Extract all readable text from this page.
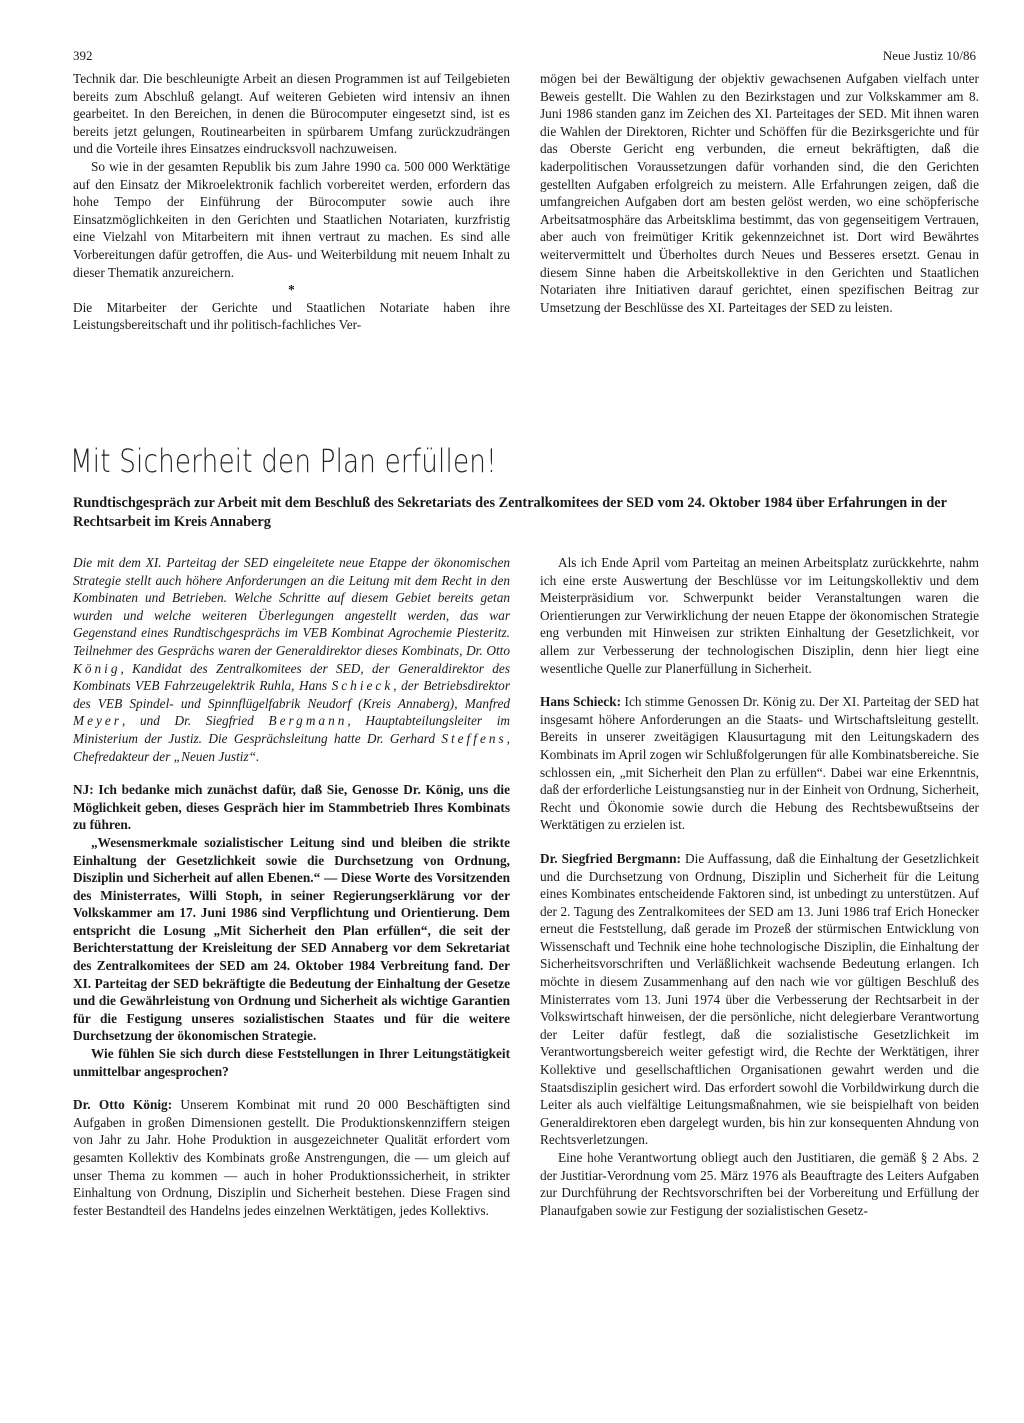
392	Neue Justiz 10/86

Technik dar. Die beschleunigte Arbeit an diesen Programmen ist auf Teilgebieten bereits zum Abschluß gelangt. Auf weiteren Gebieten wird intensiv an ihnen gearbeitet. In den Bereichen, in denen die Bürocomputer eingesetzt sind, ist es bereits jetzt gelungen, Routinearbeiten in spürbarem Umfang zurückzudrängen und die Vorteile ihres Einsatzes eindrucksvoll nachzuweisen.

So wie in der gesamten Republik bis zum Jahre 1990 ca. 500 000 Werktätige auf den Einsatz der Mikroelektronik fachlich vorbereitet werden, erfordern das hohe Tempo der Einführung der Bürocomputer sowie auch ihre Einsatzmöglichkeiten in den Gerichten und Staatlichen Notariaten, kurzfristig eine Vielzahl von Mitarbeitern mit ihnen vertraut zu machen. Es sind alle Vorbereitungen dafür getroffen, die Aus- und Weiterbildung mit neuem Inhalt zu dieser Thematik anzureichern.

*

Die Mitarbeiter der Gerichte und Staatlichen Notariate haben ihre Leistungsbereitschaft und ihr politisch-fachliches Ver-

mögen bei der Bewältigung der objektiv gewachsenen Aufgaben vielfach unter Beweis gestellt. Die Wahlen zu den Bezirkstagen und zur Volkskammer am 8. Juni 1986 standen ganz im Zeichen des XI. Parteitages der SED. Mit ihnen waren die Wahlen der Direktoren, Richter und Schöffen für die Bezirksgerichte und für das Oberste Gericht eng verbunden, die erneut bekräftigten, daß die kaderpolitischen Voraussetzungen dafür vorhanden sind, die den Gerichten gestellten Aufgaben erfolgreich zu meistern. Alle Erfahrungen zeigen, daß die umfangreichen Aufgaben dort am besten gelöst werden, wo eine schöpferische Arbeitsatmosphäre das Arbeitsklima bestimmt, das von gegenseitigem Vertrauen, aber auch von freimütiger Kritik gekennzeichnet ist. Dort wird Bewährtes weitervermittelt und Überholtes durch Neues und Besseres ersetzt. Genau in diesem Sinne haben die Arbeitskollektive in den Gerichten und Staatlichen Notariaten ihre Initiativen darauf gerichtet, einen spezifischen Beitrag zur Umsetzung der Beschlüsse des XI. Parteitages der SED zu leisten.

Mit Sicherheit den Plan erfüllen!
Rundtischgespräch zur Arbeit mit dem Beschluß des Sekretariats des Zentralkomitees der SED vom 24. Oktober 1984 über Erfahrungen in der Rechtsarbeit im Kreis Annaberg

Die mit dem XI. Parteitag der SED eingeleitete neue Etappe der ökonomischen Strategie stellt auch höhere Anforderungen an die Leitung mit dem Recht in den Kombinaten und Betrieben. Welche Schritte auf diesem Gebiet bereits getan wurden und welche weiteren Überlegungen angestellt werden, das war Gegenstand eines Rundtischgesprächs im VEB Kombinat Agrochemie Piesteritz. Teilnehmer des Gesprächs waren der Generaldirektor dieses Kombinats, Dr. Otto König, Kandidat des Zentralkomitees der SED, der Generaldirektor des Kombinats VEB Fahrzeugelektrik Ruhla, Hans Schieck, der Betriebsdirektor des VEB Spindel- und Spinnflügelfabrik Neudorf (Kreis Annaberg), Manfred Meyer, und Dr. Siegfried Bergmann, Hauptabteilungsleiter im Ministerium der Justiz. Die Gesprächsleitung hatte Dr. Gerhard Steffens, Chefredakteur der „Neuen Justiz“.

NJ: Ich bedanke mich zunächst dafür, daß Sie, Genosse Dr. König, uns die Möglichkeit geben, dieses Gespräch hier im Stammbetrieb Ihres Kombinats zu führen.

„Wesensmerkmale sozialistischer Leitung sind und bleiben die strikte Einhaltung der Gesetzlichkeit sowie die Durchsetzung von Ordnung, Disziplin und Sicherheit auf allen Ebenen.“ — Diese Worte des Vorsitzenden des Ministerrates, Willi Stoph, in seiner Regierungserklärung vor der Volkskammer am 17. Juni 1986 sind Verpflichtung und Orientierung. Dem entspricht die Losung „Mit Sicherheit den Plan erfüllen“, die seit der Berichterstattung der Kreisleitung der SED Annaberg vor dem Sekretariat des Zentralkomitees der SED am 24. Oktober 1984 Verbreitung fand. Der XI. Parteitag der SED bekräftigte die Bedeutung der Einhaltung der Gesetze und die Gewährleistung von Ordnung und Sicherheit als wichtige Garantien für die Festigung unseres sozialistischen Staates und für die weitere Durchsetzung der ökonomischen Strategie.

Wie fühlen Sie sich durch diese Feststellungen in Ihrer Leitungstätigkeit unmittelbar angesprochen?

Dr. Otto König: Unserem Kombinat mit rund 20 000 Beschäftigten sind Aufgaben in großen Dimensionen gestellt. Die Produktionskennziffern steigen von Jahr zu Jahr. Hohe Produktion in ausgezeichneter Qualität erfordert vom gesamten Kollektiv des Kombinats große Anstrengungen, die — um gleich auf unser Thema zu kommen — auch in hoher Produktionssicherheit, in strikter Einhaltung von Ordnung, Disziplin und Sicherheit bestehen. Diese Fragen sind fester Bestandteil des Handelns jedes einzelnen Werktätigen, jedes Kollektivs.

Als ich Ende April vom Parteitag an meinen Arbeitsplatz zurückkehrte, nahm ich eine erste Auswertung der Beschlüsse vor im Leitungskollektiv und dem Meisterpräsidium vor. Schwerpunkt beider Veranstaltungen waren die Orientierungen zur Verwirklichung der neuen Etappe der ökonomischen Strategie eng verbunden mit Hinweisen zur strikten Einhaltung der Gesetzlichkeit, vor allem zur Verbesserung der technologischen Disziplin, denn hier liegt eine wesentliche Quelle zur Planerfüllung in Sicherheit.

Hans Schieck: Ich stimme Genossen Dr. König zu. Der XI. Parteitag der SED hat insgesamt höhere Anforderungen an die Staats- und Wirtschaftsleitung gestellt. Bereits in unserer zweitägigen Klausurtagung mit den Leitungskadern des Kombinats im April zogen wir Schlußfolgerungen für alle Kombinatsbereiche. Sie schlossen ein, „mit Sicherheit den Plan zu erfüllen“. Dabei war eine Erkenntnis, daß der erforderliche Leistungsanstieg nur in der Einheit von Ordnung, Sicherheit, Recht und Ökonomie sowie durch die Hebung des Rechtsbewußtseins der Werktätigen zu erzielen ist.

Dr. Siegfried Bergmann: Die Auffassung, daß die Einhaltung der Gesetzlichkeit und die Durchsetzung von Ordnung, Disziplin und Sicherheit für die Leitung eines Kombinates entscheidende Faktoren sind, ist unbedingt zu unterstützen. Auf der 2. Tagung des Zentralkomitees der SED am 13. Juni 1986 traf Erich Honecker erneut die Feststellung, daß gerade im Prozeß der stürmischen Entwicklung von Wissenschaft und Technik eine hohe technologische Disziplin, die Einhaltung der Sicherheitsvorschriften und Verläßlichkeit wachsende Bedeutung erlangen. Ich möchte in diesem Zusammenhang auf den nach wie vor gültigen Beschluß des Ministerrates vom 13. Juni 1974 über die Verbesserung der Rechtsarbeit in der Volkswirtschaft hinweisen, der die persönliche, nicht delegierbare Verantwortung der Leiter dafür festlegt, daß die sozialistische Gesetzlichkeit im Verantwortungsbereich weiter gefestigt wird, die Rechte der Werktätigen, ihrer Kollektive und gesellschaftlichen Organisationen gewahrt werden und die Staatsdisziplin gesichert wird. Das erfordert sowohl die Vorbildwirkung durch die Leiter als auch vielfältige Leitungsmaßnahmen, wie sie beispielhaft von beiden Generaldirektoren eben dargelegt wurden, bis hin zur konsequenten Ahndung von Rechtsverletzungen.

Eine hohe Verantwortung obliegt auch den Justitiaren, die gemäß § 2 Abs. 2 der Justitiar-Verordnung vom 25. März 1976 als Beauftragte des Leiters Aufgaben zur Durchführung der Rechtsvorschriften bei der Vorbereitung und Erfüllung der Planaufgaben sowie zur Festigung der sozialistischen Gesetz-
